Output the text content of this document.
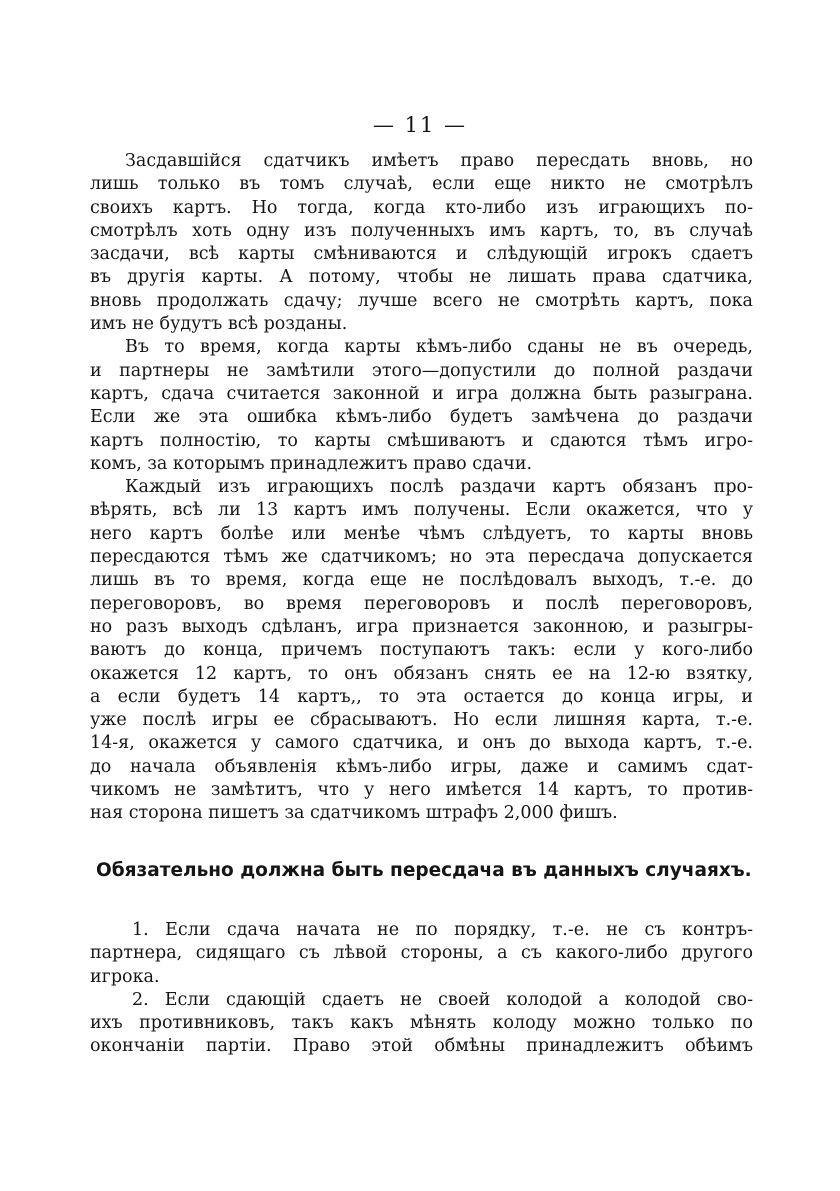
— 11 —
Засдавшійся сдатчикъ имѣетъ право пересдать вновь, но
лишь только въ томъ случаѣ, если еще никто не смотрѣлъ
своихъ картъ. Но тогда, когда кто-либо изъ играющихъ по-
смотрѣлъ хоть одну изъ полученныхъ имъ картъ, то, въ случаѣ
засдачи, всѣ карты смѣниваются и слѣдующій игрокъ сдаетъ
въ другія карты. А потому, чтобы не лишать права сдатчика,
вновь продолжать сдачу; лучше всего не смотрѣть картъ, пока
имъ не будутъ всѣ розданы.
Въ то время, когда карты кѣмъ-либо сданы не въ очередь,
и партнеры не замѣтили этого—допустили до полной раздачи
картъ, сдача считается законной и игра должна быть разыграна.
Если же эта ошибка кѣмъ-либо будетъ замѣчена до раздачи
картъ полностію, то карты смѣшиваютъ и сдаются тѣмъ игро-
комъ, за которымъ принадлежитъ право сдачи.
Каждый изъ играющихъ послѣ раздачи картъ обязанъ про-
вѣрять, всѣ ли 13 картъ имъ получены. Если окажется, что у
него картъ болѣе или менѣе чѣмъ слѣдуетъ, то карты вновь
пересдаются тѣмъ же сдатчикомъ; но эта пересдача допускается
лишь въ то время, когда еще не послѣдовалъ выходъ, т.-е. до
переговоровъ, во время переговоровъ и послѣ переговоровъ,
но разъ выходъ сдѣланъ, игра признается законною, и разыгры-
ваютъ до конца, причемъ поступаютъ такъ: если у кого-либо
окажется 12 картъ, то онъ обязанъ снять ее на 12-ю взятку,
а если будетъ 14 картъ,, то эта остается до конца игры, и
уже послѣ игры ее сбрасываютъ. Но если лишняя карта, т.-е.
14-я, окажется у самого сдатчика, и онъ до выхода картъ, т.-е.
до начала объявленія кѣмъ-либо игры, даже и самимъ сдат-
чикомъ не замѣтитъ, что у него имѣется 14 картъ, то против-
ная сторона пишетъ за сдатчикомъ штрафъ 2,000 фишъ.
Обязательно должна быть пересдача въ данныхъ случаяхъ.
1. Если сдача начата не по порядку, т.-е. не съ контръ-
партнера, сидящаго съ лѣвой стороны, а съ какого-либо другого
игрока.
2. Если сдающій сдаетъ не своей колодой а колодой сво-
ихъ противниковъ, такъ какъ мѣнять колоду можно только по
окончаніи партіи. Право этой обмѣны принадлежитъ обѣимъ
